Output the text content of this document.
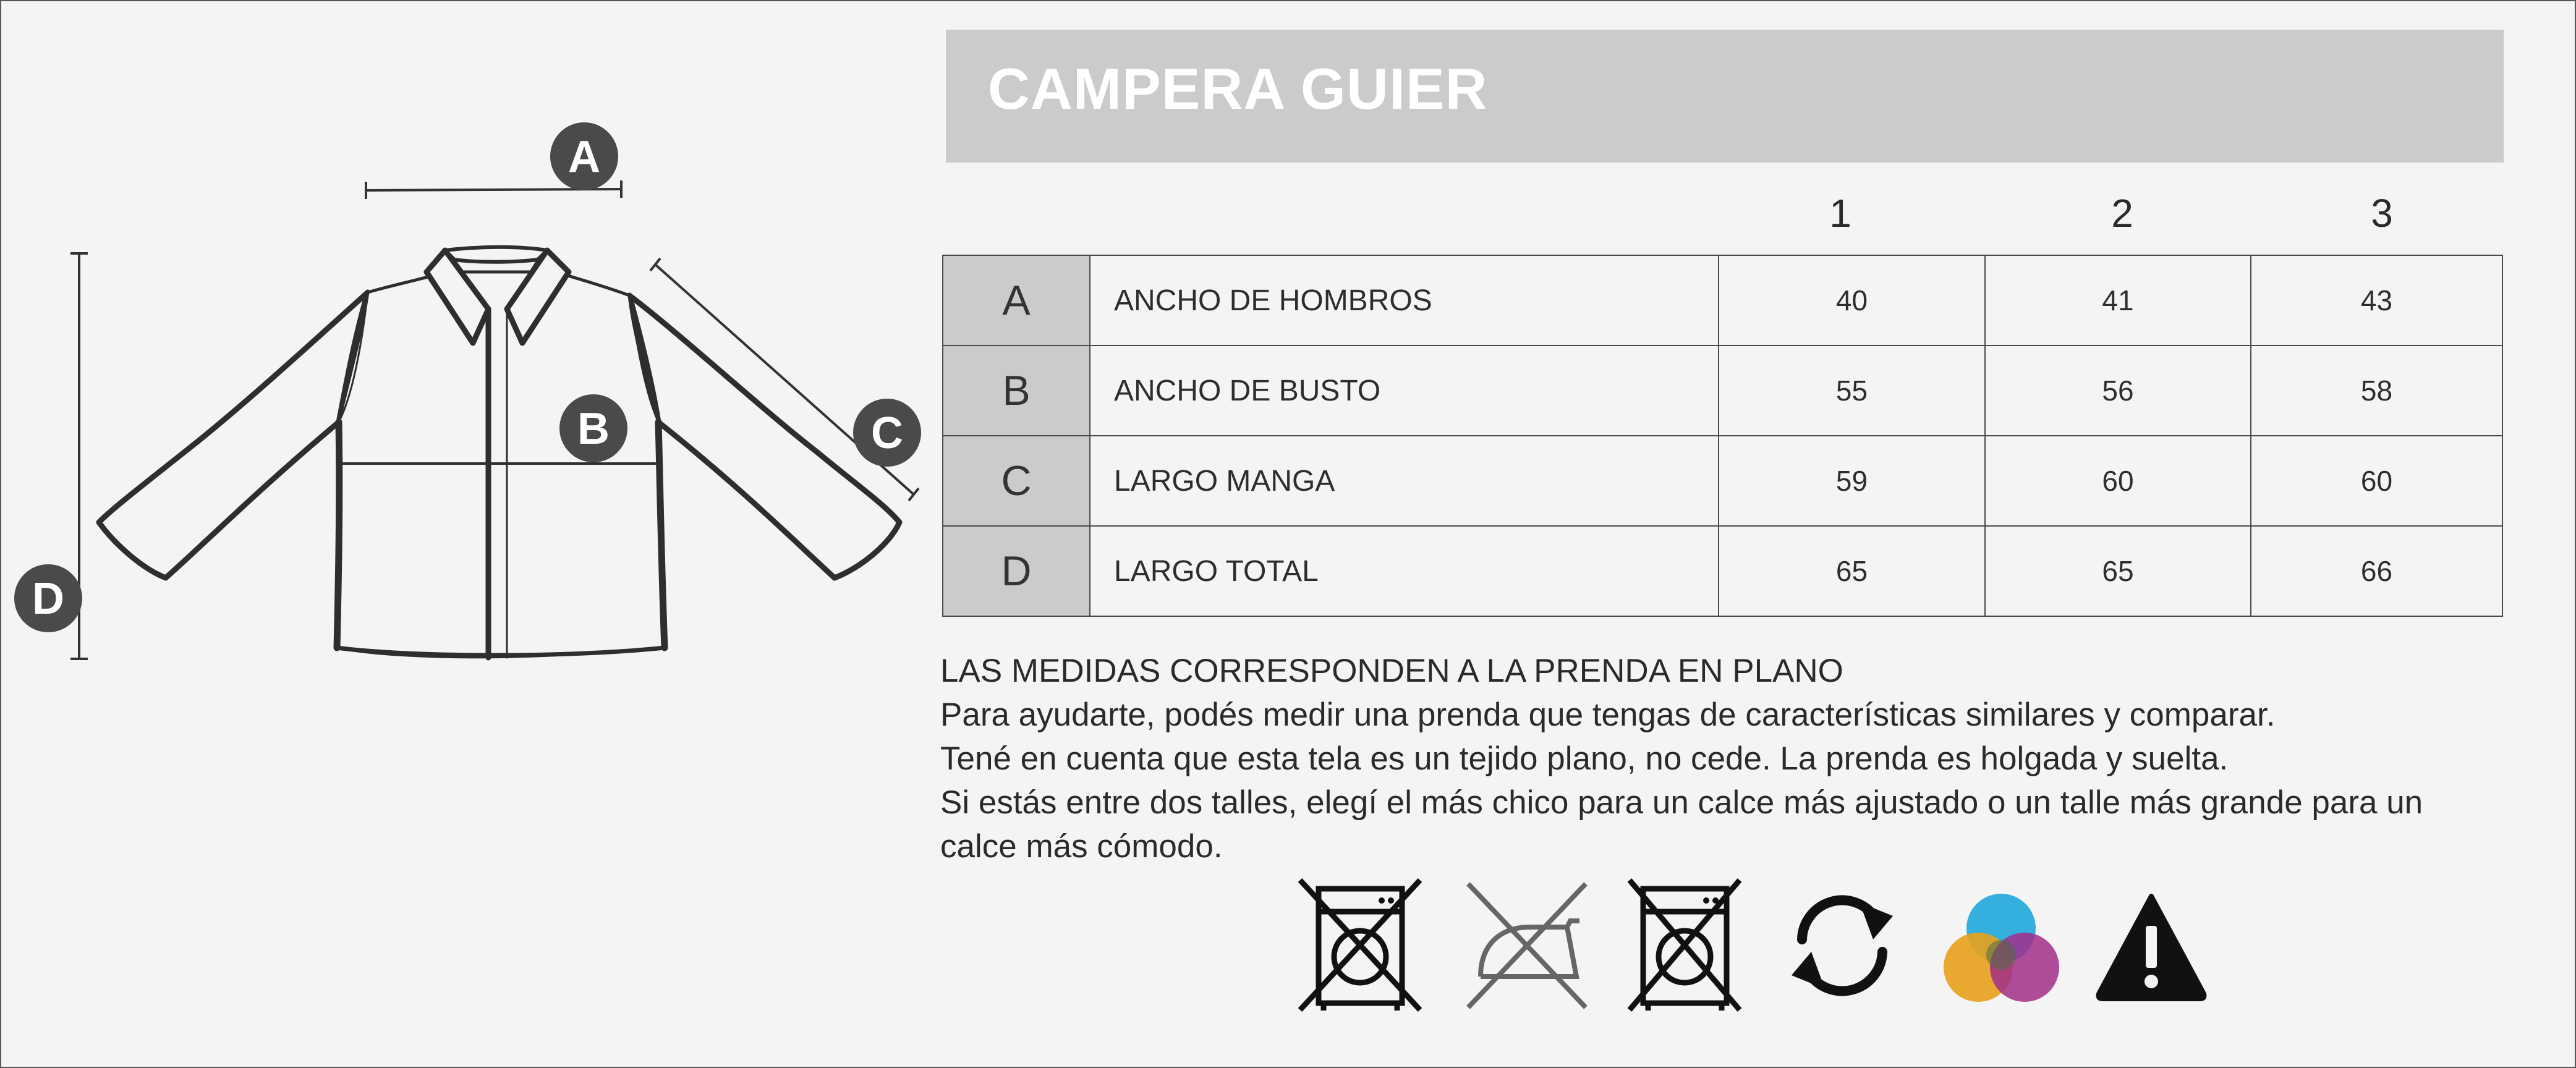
A
B	C
D
CAMPERA GUIER
1	2	3
A	ANCHO DE HOMBROS	40	41	43
B	ANCHO DE BUSTO	55	56	58
C	LARGO MANGA	59	60	60
D	LARGO TOTAL	65	65	66

LAS MEDIDAS CORRESPONDEN A LA PRENDA EN PLANO

Para ayudarte, podés medir una prenda que tengas de características similares y comparar.

Tené en cuenta que esta tela es un tejido plano, no cede. La prenda es holgada y suelta.

Si estás entre dos talles, elegí el más chico para un calce más ajustado o un talle más grande para un calce más cómodo.
